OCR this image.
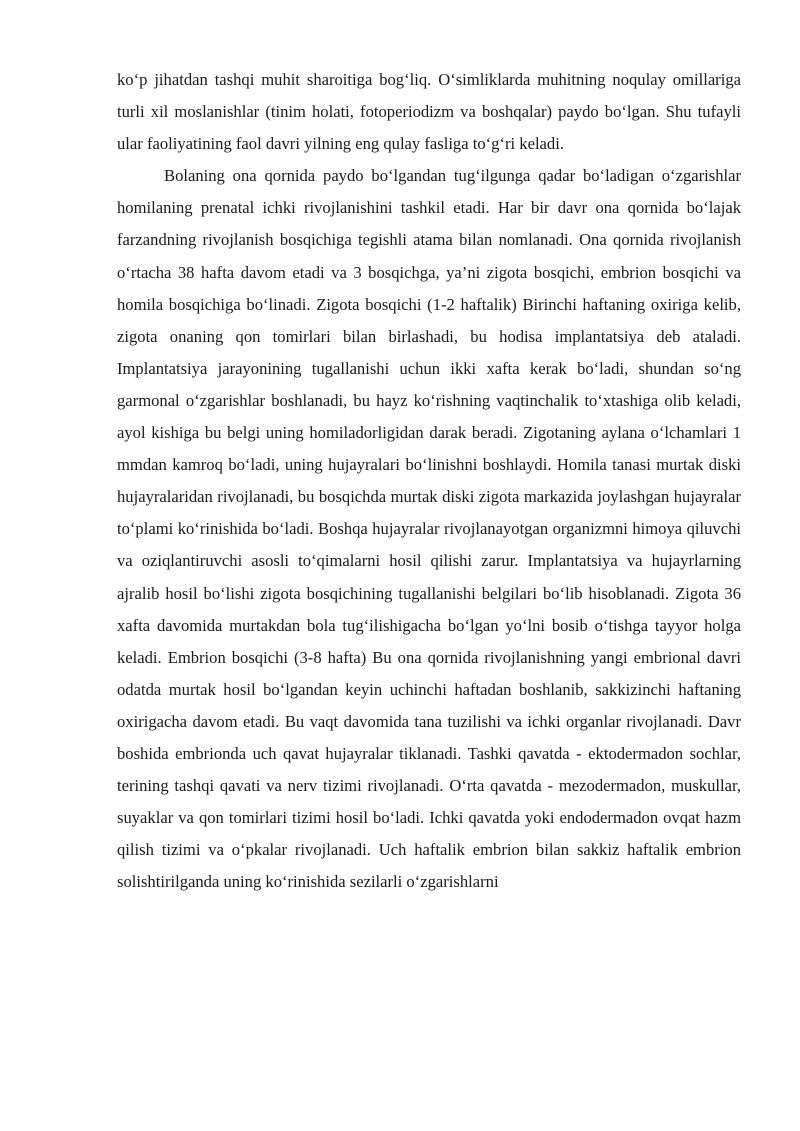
ko‘p jihatdan tashqi muhit sharoitiga bog‘liq. O‘simliklarda muhitning noqulay omillariga turli xil moslanishlar (tinim holati, fotoperiodizm va boshqalar) paydo bo‘lgan. Shu tufayli ular faoliyatining faol davri yilning eng qulay fasliga to‘g‘ri keladi.

Bolaning ona qornida paydo bo‘lgandan tug‘ilgunga qadar bo‘ladigan o‘zgarishlar homilaning prenatal ichki rivojlanishini tashkil etadi. Har bir davr ona qornida bo‘lajak farzandning rivojlanish bosqichiga tegishli atama bilan nomlanadi. Ona qornida rivojlanish o‘rtacha 38 hafta davom etadi va 3 bosqichga, ya’ni zigota bosqichi, embrion bosqichi va homila bosqichiga bo‘linadi. Zigota bosqichi (1-2 haftalik) Birinchi haftaning oxiriga kelib, zigota onaning qon tomirlari bilan birlashadi, bu hodisa implantatsiya deb ataladi. Implantatsiya jarayonining tugallanishi uchun ikki xafta kerak bo‘ladi, shundan so‘ng garmonal o‘zgarishlar boshlanadi, bu hayz ko‘rishning vaqtinchalik to‘xtashiga olib keladi, ayol kishiga bu belgi uning homiladorligidan darak beradi. Zigotaning aylana o‘lchamlari 1 mmdan kamroq bo‘ladi, uning hujayralari bo‘linishni boshlaydi. Homila tanasi murtak diski hujayralaridan rivojlanadi, bu bosqichda murtak diski zigota markazida joylashgan hujayralar to‘plami ko‘rinishida bo‘ladi. Boshqa hujayralar rivojlanayotgan organizmni himoya qiluvchi va oziqlantiruvchi asosli to‘qimalarni hosil qilishi zarur. Implantatsiya va hujayrlarning ajralib hosil bo‘lishi zigota bosqichining tugallanishi belgilari bo‘lib hisoblanadi. Zigota 36 xafta davomida murtakdan bola tug‘ilishigacha bo‘lgan yo‘lni bosib o‘tishga tayyor holga keladi. Embrion bosqichi (3-8 hafta) Bu ona qornida rivojlanishning yangi embrional davri odatda murtak hosil bo‘lgandan keyin uchinchi haftadan boshlanib, sakkizinchi haftaning oxirigacha davom etadi. Bu vaqt davomida tana tuzilishi va ichki organlar rivojlanadi. Davr boshida embrionda uch qavat hujayralar tiklanadi. Tashki qavatda - ektodermadon sochlar, terining tashqi qavati va nerv tizimi rivojlanadi. O‘rta qavatda - mezodermadon, muskullar, suyaklar va qon tomirlari tizimi hosil bo‘ladi. Ichki qavatda yoki endodermadon ovqat hazm qilish tizimi va o‘pkalar rivojlanadi. Uch haftalik embrion bilan sakkiz haftalik embrion solishtirilganda uning ko‘rinishida sezilarli o‘zgarishlarni
